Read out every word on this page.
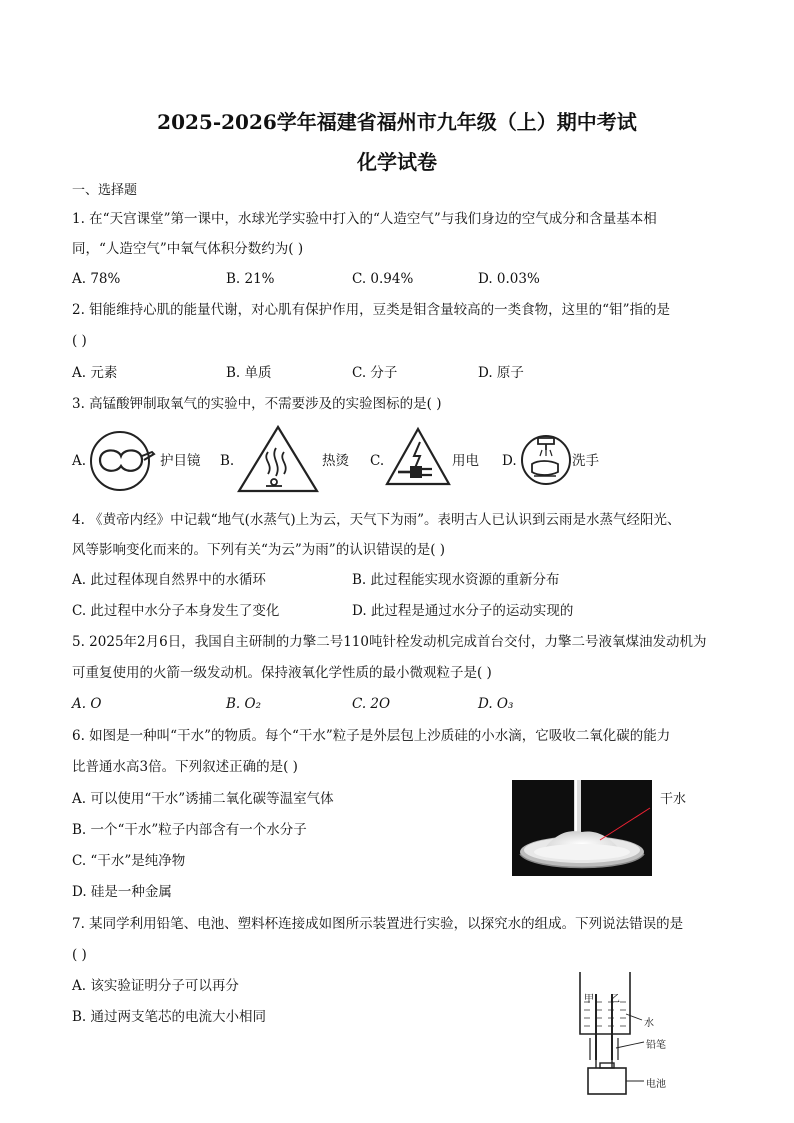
2025-2026学年福建省福州市九年级（上）期中考试
化学试卷
一、选择题
1. 在“天宫课堂”第一课中，水球光学实验中打入的“人造空气”与我们身边的空气成分和含量基本相
同，“人造空气”中氧气体积分数约为( )
A. 78%	B. 21%	C. 0.94%	D. 0.03%
2. 钼能维持心肌的能量代谢，对心肌有保护作用，豆类是钼含量较高的一类食物，这里的“钼”指的是
( )
A. 元素	B. 单质	C. 分子	D. 原子
3. 高锰酸钾制取氧气的实验中，不需要涉及的实验图标的是( )
A.	护目镜 B.	热烫 C.	用电 D.	洗手
4. 《黄帝内经》中记载“地气(水蒸气)上为云，天气下为雨”。表明古人已认识到云雨是水蒸气经阳光、
风等影响变化而来的。下列有关“为云”为雨”的认识错误的是( )
A. 此过程体现自然界中的水循环	B. 此过程能实现水资源的重新分布
C. 此过程中水分子本身发生了变化	D. 此过程是通过水分子的运动实现的
5. 2025年2月6日，我国自主研制的力擎二号110吨针栓发动机完成首台交付，力擎二号液氧煤油发动机为
可重复使用的火箭一级发动机。保持液氧化学性质的最小微观粒子是( )
A. O	B. O₂	C. 2O	D. O₃
6. 如图是一种叫“干水”的物质。每个“干水”粒子是外层包上沙质硅的小水滴，它吸收二氧化碳的能力
比普通水高3倍。下列叙述正确的是( )
A. 可以使用“干水”诱捕二氧化碳等温室气体
B. 一个“干水”粒子内部含有一个水分子
C. “干水”是纯净物
D. 硅是一种金属
干水
7. 某同学利用铅笔、电池、塑料杯连接成如图所示装置进行实验，以探究水的组成。下列说法错误的是
( )
A. 该实验证明分子可以再分
B. 通过两支笔芯的电流大小相同
甲 乙
水
铅笔
电池
